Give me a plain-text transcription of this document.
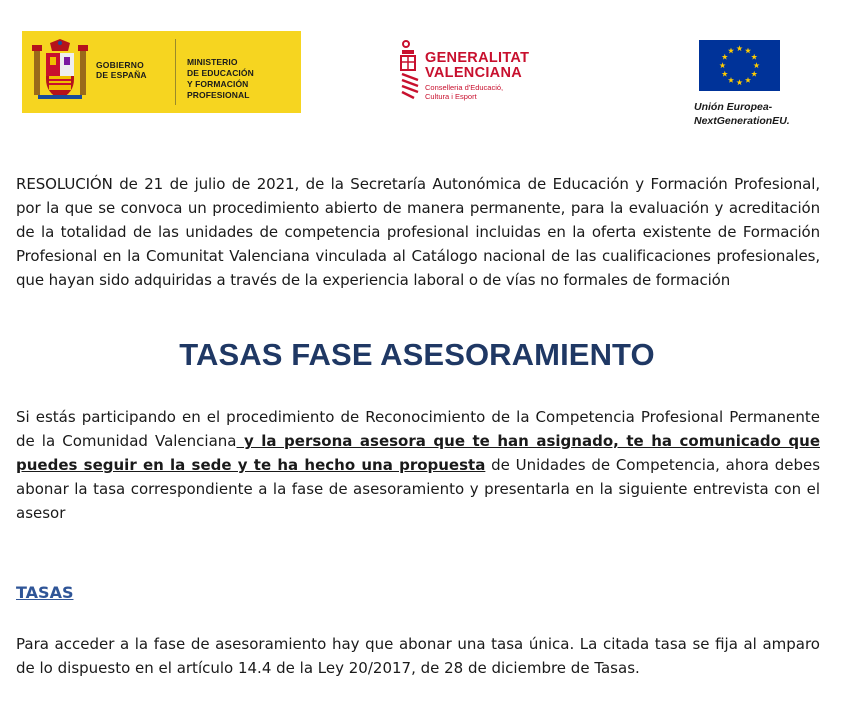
GOBIERNO
DE ESPAÑA
MINISTERIO
DE EDUCACIÓN
Y FORMACIÓN PROFESIONAL
GENERALITAT
VALENCIANA
Conselleria d'Educació,
Cultura i Esport
Unión Europea-
NextGenerationEU.
RESOLUCIÓN de 21 de julio de 2021, de la Secretaría Autonómica de Educación y Formación Profesional, por la que se convoca un procedimiento abierto de manera permanente, para la evaluación y acreditación de la totalidad de las unidades de competencia profesional incluidas en la oferta existente de Formación Profesional en la Comunitat Valenciana vinculada al Catálogo nacional de las cualificaciones profesionales, que hayan sido adquiridas a través de la experiencia laboral o de vías no formales de formación
TASAS FASE ASESORAMIENTO
Si estás participando en el procedimiento de Reconocimiento de la Competencia Profesional Permanente de la Comunidad Valenciana y la persona asesora que te han asignado, te ha comunicado que puedes seguir en la sede y te ha hecho una propuesta de Unidades de Competencia, ahora debes abonar la tasa correspondiente a la fase de asesoramiento y presentarla en la siguiente entrevista con el asesor
TASAS
Para acceder a la fase de asesoramiento hay que abonar una tasa única. La citada tasa se fija al amparo de lo dispuesto en el artículo 14.4 de la Ley 20/2017, de 28 de diciembre de Tasas.
